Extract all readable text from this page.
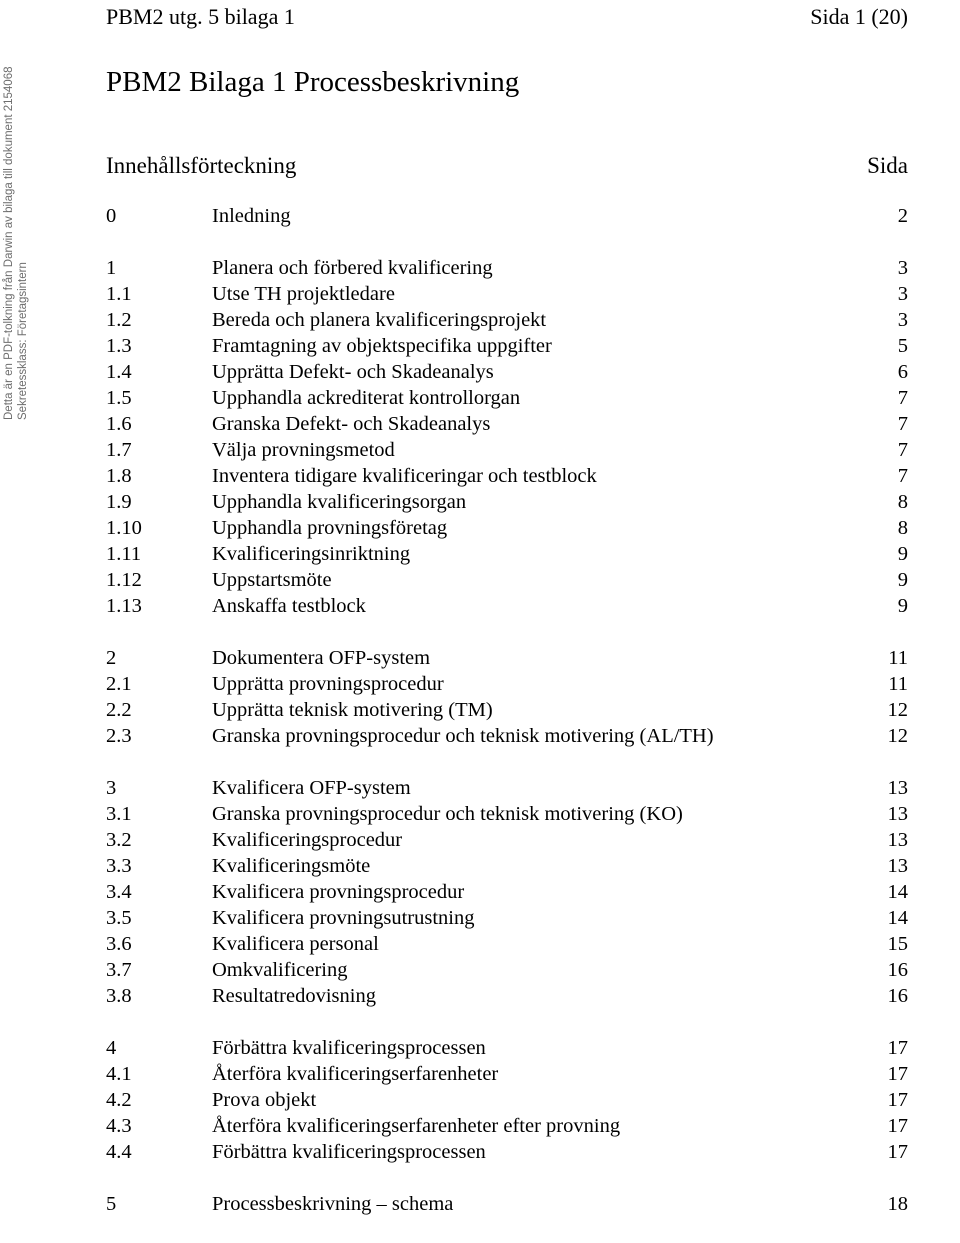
Detta är en PDF-tolkning från Darwin av bilaga till dokument 2154068 Sekretessklass: Företagsintern
PBM2 utg. 5 bilaga 1	Sida 1 (20)
PBM2 Bilaga 1 Processbeskrivning
Innehållsförteckning	Sida
0	Inledning	2
1	Planera och förbered kvalificering	3
1.1	Utse TH projektledare	3
1.2	Bereda och planera kvalificeringsprojekt	3
1.3	Framtagning av objektspecifika uppgifter	5
1.4	Upprätta Defekt- och Skadeanalys	6
1.5	Upphandla ackrediterat kontrollorgan	7
1.6	Granska Defekt- och Skadeanalys	7
1.7	Välja provningsmetod	7
1.8	Inventera tidigare kvalificeringar och testblock	7
1.9	Upphandla kvalificeringsorgan	8
1.10	Upphandla provningsföretag	8
1.11	Kvalificeringsinriktning	9
1.12	Uppstartsmöte	9
1.13	Anskaffa testblock	9
2	Dokumentera OFP-system	11
2.1	Upprätta provningsprocedur	11
2.2	Upprätta teknisk motivering (TM)	12
2.3	Granska provningsprocedur och teknisk motivering (AL/TH)	12
3	Kvalificera OFP-system	13
3.1	Granska provningsprocedur och teknisk motivering (KO)	13
3.2	Kvalificeringsprocedur	13
3.3	Kvalificeringsmöte	13
3.4	Kvalificera provningsprocedur	14
3.5	Kvalificera provningsutrustning	14
3.6	Kvalificera personal	15
3.7	Omkvalificering	16
3.8	Resultatredovisning	16
4	Förbättra kvalificeringsprocessen	17
4.1	Återföra kvalificeringserfarenheter	17
4.2	Prova objekt	17
4.3	Återföra kvalificeringserfarenheter efter provning	17
4.4	Förbättra kvalificeringsprocessen	17
5	Processbeskrivning – schema	18
